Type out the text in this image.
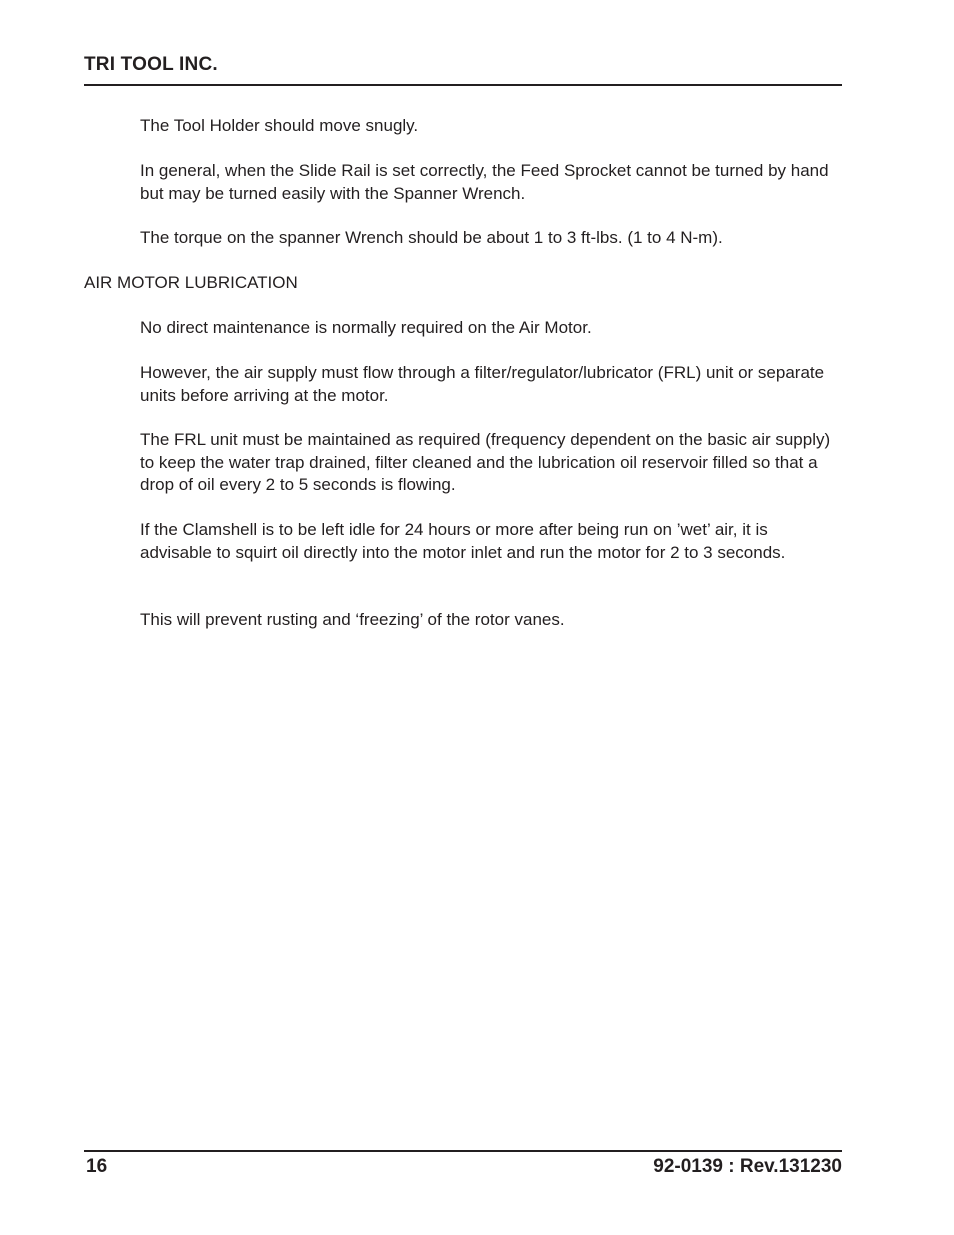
TRI TOOL INC.

The Tool Holder should move snugly.

In general, when the Slide Rail is set correctly, the Feed Sprocket cannot be turned by hand but may be turned easily with the Spanner Wrench.

The torque on the spanner Wrench should be about 1 to 3 ft-lbs. (1 to 4 N-m).

AIR MOTOR LUBRICATION

No direct maintenance is normally required on the Air Motor.

However, the air supply must flow through a filter/regulator/lubricator (FRL) unit or separate units before arriving at the motor.

The FRL unit must be maintained as required (frequency dependent on the basic air supply) to keep the water trap drained, filter cleaned and the lubrication oil reservoir filled so that a drop of oil every 2 to 5 seconds is flowing.

If the Clamshell is to be left idle for 24 hours or more after being run on ’wet’ air, it is advisable to squirt oil directly into the motor inlet and run the motor for 2 to 3 seconds.

This will prevent rusting and ‘freezing’ of the rotor vanes.

16	92-0139 : Rev.131230
